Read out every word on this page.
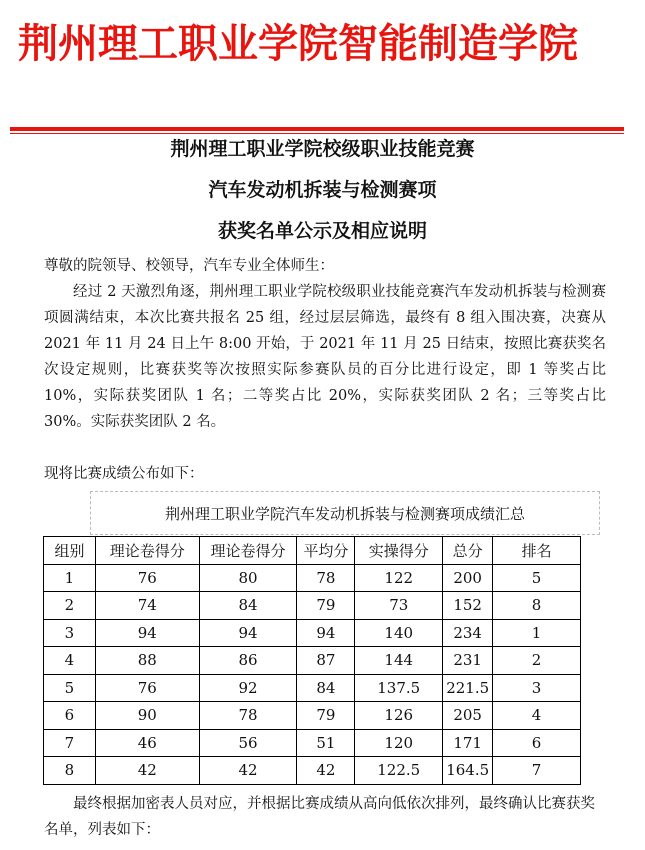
荆州理工职业学院智能制造学院
荆州理工职业学院校级职业技能竞赛
汽车发动机拆装与检测赛项
获奖名单公示及相应说明
尊敬的院领导、校领导，汽车专业全体师生：
经过 2 天激烈角逐，荆州理工职业学院校级职业技能竞赛汽车发动机拆装与检测赛项圆满结束，本次比赛共报名 25 组，经过层层筛选，最终有 8 组入围决赛，决赛从 2021 年 11 月 24 日上午 8:00 开始，于 2021 年 11 月 25 日结束，按照比赛获奖名次设定规则，比赛获奖等次按照实际参赛队员的百分比进行设定，即 1 等奖占比 10%，实际获奖团队 1 名；二等奖占比 20%，实际获奖团队 2 名；三等奖占比 30%。实际获奖团队 2 名。
现将比赛成绩公布如下：
荆州理工职业学院汽车发动机拆装与检测赛项成绩汇总
组别	理论卷得分	理论卷得分	平均分	实操得分	总分	排名
1	76	80	78	122	200	5
2	74	84	79	73	152	8
3	94	94	94	140	234	1
4	88	86	87	144	231	2
5	76	92	84	137.5	221.5	3
6	90	78	79	126	205	4
7	46	56	51	120	171	6
8	42	42	42	122.5	164.5	7
最终根据加密表人员对应，并根据比赛成绩从高向低依次排列，最终确认比赛获奖名单，列表如下：
